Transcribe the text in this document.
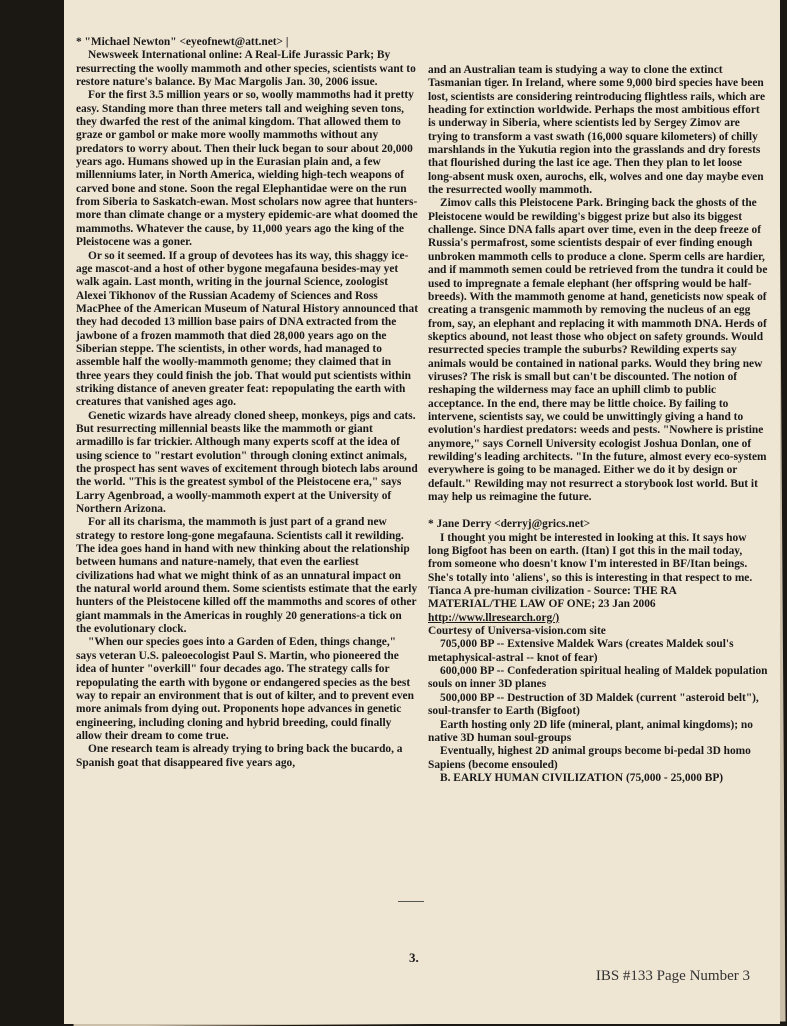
* "Michael Newton" <eyeofnewt@att.net> |

Newsweek International online: A Real-Life Jurassic Park; By resurrecting the woolly mammoth and other species, scientists want to restore nature's balance. By Mac Margolis Jan. 30, 2006 issue.

For the first 3.5 million years or so, woolly mammoths had it pretty easy. Standing more than three meters tall and weighing seven tons, they dwarfed the rest of the animal kingdom. That allowed them to graze or gambol or make more woolly mammoths without any predators to worry about. Then their luck began to sour about 20,000 years ago. Humans showed up in the Eurasian plain and, a few millenniums later, in North America, wielding high-tech weapons of carved bone and stone. Soon the regal Elephantidae were on the run from Siberia to Saskatch-ewan. Most scholars now agree that hunters-more than climate change or a mystery epidemic-are what doomed the mammoths. Whatever the cause, by 11,000 years ago the king of the Pleistocene was a goner.

Or so it seemed. If a group of devotees has its way, this shaggy ice-age mascot-and a host of other bygone megafauna besides-may yet walk again. Last month, writing in the journal Science, zoologist Alexei Tikhonov of the Russian Academy of Sciences and Ross MacPhee of the American Museum of Natural History announced that they had decoded 13 million base pairs of DNA extracted from the jawbone of a frozen mammoth that died 28,000 years ago on the Siberian steppe. The scientists, in other words, had managed to assemble half the woolly-mammoth genome; they claimed that in three years they could finish the job. That would put scientists within striking distance of aneven greater feat: repopulating the earth with creatures that vanished ages ago.

Genetic wizards have already cloned sheep, monkeys, pigs and cats. But resurrecting millennial beasts like the mammoth or giant armadillo is far trickier. Although many experts scoff at the idea of using science to "restart evolution" through cloning extinct animals, the prospect has sent waves of excitement through biotech labs around the world. "This is the greatest symbol of the Pleistocene era," says Larry Agenbroad, a woolly-mammoth expert at the University of Northern Arizona.

For all its charisma, the mammoth is just part of a grand new strategy to restore long-gone megafauna. Scientists call it rewilding. The idea goes hand in hand with new thinking about the relationship between humans and nature-namely, that even the earliest civilizations had what we might think of as an unnatural impact on the natural world around them. Some scientists estimate that the early hunters of the Pleistocene killed off the mammoths and scores of other giant mammals in the Americas in roughly 20 generations-a tick on the evolutionary clock.

"When our species goes into a Garden of Eden, things change," says veteran U.S. paleoecologist Paul S. Martin, who pioneered the idea of hunter "overkill" four decades ago. The strategy calls for repopulating the earth with bygone or endangered species as the best way to repair an environment that is out of kilter, and to prevent even more animals from dying out. Proponents hope advances in genetic engineering, including cloning and hybrid breeding, could finally allow their dream to come true.

One research team is already trying to bring back the bucardo, a Spanish goat that disappeared five years ago,

and an Australian team is studying a way to clone the extinct Tasmanian tiger. In Ireland, where some 9,000 bird species have been lost, scientists are considering reintroducing flightless rails, which are heading for extinction worldwide. Perhaps the most ambitious effort is underway in Siberia, where scientists led by Sergey Zimov are trying to transform a vast swath (16,000 square kilometers) of chilly marshlands in the Yukutia region into the grasslands and dry forests that flourished during the last ice age. Then they plan to let loose long-absent musk oxen, aurochs, elk, wolves and one day maybe even the resurrected woolly mammoth.

Zimov calls this Pleistocene Park. Bringing back the ghosts of the Pleistocene would be rewilding's biggest prize but also its biggest challenge. Since DNA falls apart over time, even in the deep freeze of Russia's permafrost, some scientists despair of ever finding enough unbroken mammoth cells to produce a clone. Sperm cells are hardier, and if mammoth semen could be retrieved from the tundra it could be used to impregnate a female elephant (her offspring would be half-breeds). With the mammoth genome at hand, geneticists now speak of creating a transgenic mammoth by removing the nucleus of an egg from, say, an elephant and replacing it with mammoth DNA. Herds of skeptics abound, not least those who object on safety grounds. Would resurrected species trample the suburbs? Rewilding experts say animals would be contained in national parks. Would they bring new viruses? The risk is small but can't be discounted. The notion of reshaping the wilderness may face an uphill climb to public acceptance. In the end, there may be little choice. By failing to intervene, scientists say, we could be unwittingly giving a hand to evolution's hardiest predators: weeds and pests. "Nowhere is pristine anymore," says Cornell University ecologist Joshua Donlan, one of rewilding's leading architects. "In the future, almost every eco-system everywhere is going to be managed. Either we do it by design or default." Rewilding may not resurrect a storybook lost world. But it may help us reimagine the future.

* Jane Derry <derryj@grics.net>

I thought you might be interested in looking at this. It says how long Bigfoot has been on earth. (Itan) I got this in the mail today, from someone who doesn't know I'm interested in BF/Itan beings. She's totally into 'aliens', so this is interesting in that respect to me. Tianca A pre-human civilization - Source: THE RA MATERIAL/THE LAW OF ONE; 23 Jan 2006 http://www.llresearch.org/)

Courtesy of Universa-vision.com site

705,000 BP -- Extensive Maldek Wars (creates Maldek soul's metaphysical-astral -- knot of fear)

600,000 BP -- Confederation spiritual healing of Maldek population souls on inner 3D planes

500,000 BP -- Destruction of 3D Maldek (current "asteroid belt"), soul-transfer to Earth (Bigfoot)

Earth hosting only 2D life (mineral, plant, animal kingdoms); no native 3D human soul-groups

Eventually, highest 2D animal groups become bi-pedal 3D homo Sapiens (become ensouled)

B. EARLY HUMAN CIVILIZATION (75,000 - 25,000 BP)

3.
IBS #133 Page Number 3
